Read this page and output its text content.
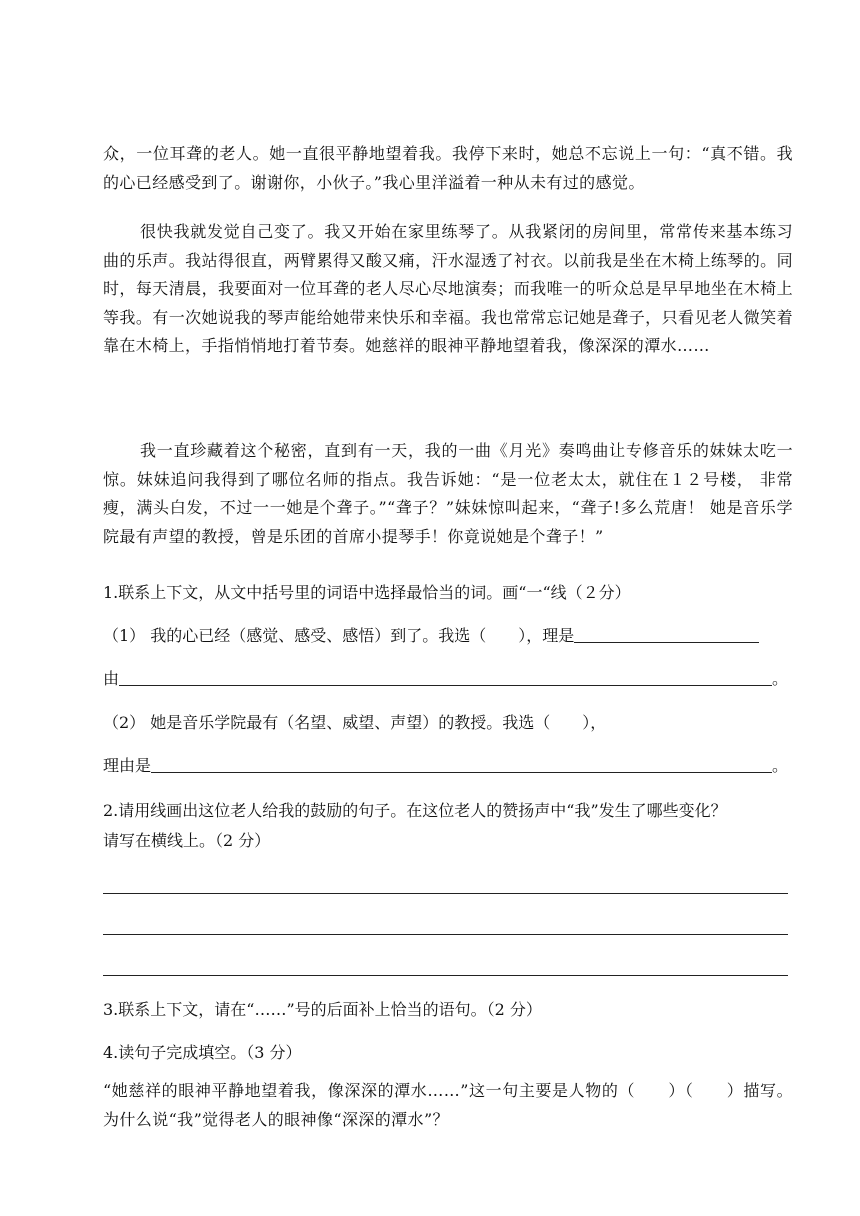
众，一位耳聋的老人。她一直很平静地望着我。我停下来时，她总不忘说上一句：“真不错。我的心已经感受到了。谢谢你，小伙子。”我心里洋溢着一种从未有过的感觉。

很快我就发觉自己变了。我又开始在家里练琴了。从我紧闭的房间里，常常传来基本练习曲的乐声。我站得很直，两臂累得又酸又痛，汗水湿透了衬衣。以前我是坐在木椅上练琴的。同时，每天清晨，我要面对一位耳聋的老人尽心尽地演奏；而我唯一的听众总是早早地坐在木椅上等我。有一次她说我的琴声能给她带来快乐和幸福。我也常常忘记她是聋子，只看见老人微笑着靠在木椅上，手指悄悄地打着节奏。她慈祥的眼神平静地望着我，像深深的潭水……

我一直珍藏着这个秘密，直到有一天，我的一曲《月光》奏鸣曲让专修音乐的妹妹太吃一惊。妹妹追问我得到了哪位名师的指点。我告诉她：“是一位老太太，就住在１２号楼， 非常瘦，满头白发，不过一一她是个聋子。”“聋子？”妹妹惊叫起来，“聋子!多么荒唐！ 她是音乐学院最有声望的教授，曾是乐团的首席小提琴手！你竟说她是个聋子！”

1.联系上下文，从文中括号里的词语中选择最恰当的词。画“一“线（２分）
（1） 我的心已经（感觉、感受、感悟）到了。我选（　　），理是
由	。
（2） 她是音乐学院最有（名望、威望、声望）的教授。我选（　　），
理由是	。
2.请用线画出这位老人给我的鼓励的句子。在这位老人的赞扬声中“我”发生了哪些变化？
请写在横线上。（2 分）
3.联系上下文，请在“……”号的后面补上恰当的语句。（2 分）
4.读句子完成填空。（3 分）

“她慈祥的眼神平静地望着我，像深深的潭水……”这一句主要是人物的（　　）（　　）描写。为什么说“我”觉得老人的眼神像“深深的潭水”？
